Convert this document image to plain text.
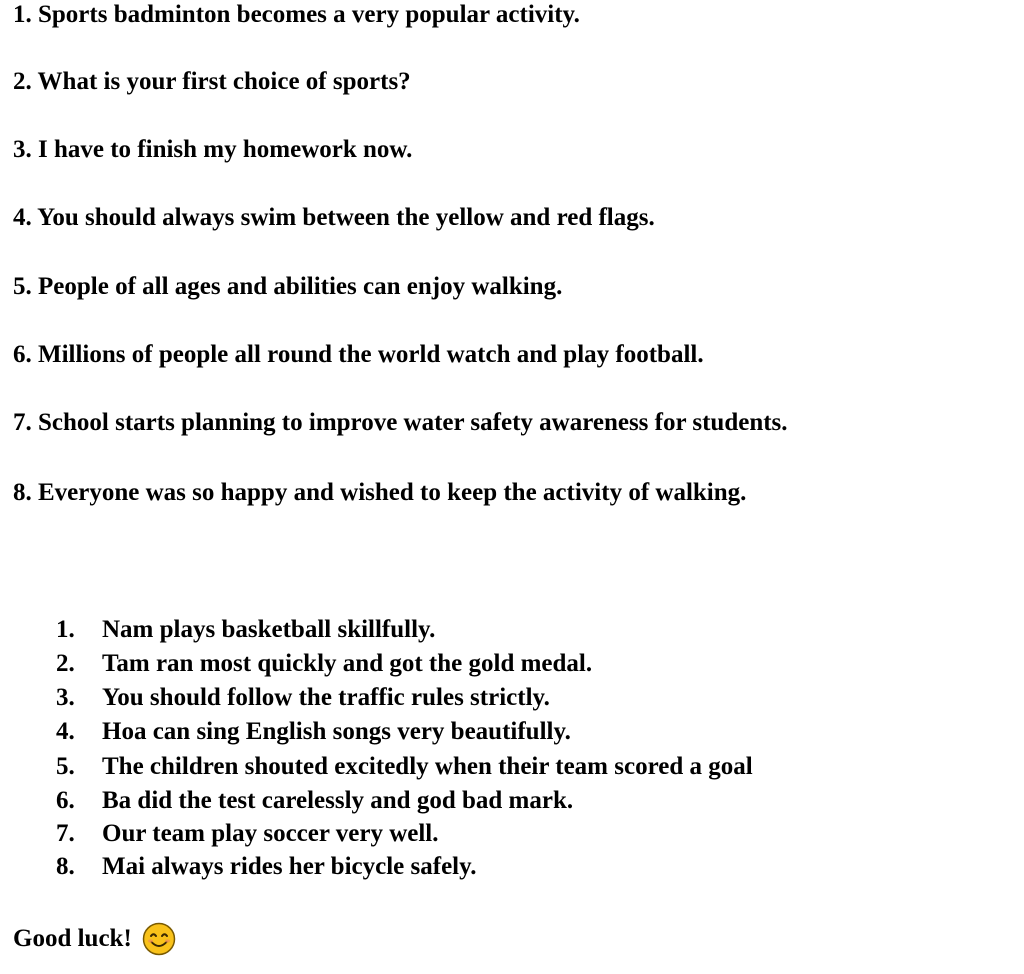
1. Sports badminton becomes a very popular activity.
2. What is your first choice of sports?
3. I have to finish my homework now.
4. You should always swim between the yellow and red flags.
5. People of all ages and abilities can enjoy walking.
6. Millions of people all round the world watch and play football.
7. School starts planning to improve water safety awareness for students.
8. Everyone was so happy and wished to keep the activity of walking.
1.	Nam plays basketball skillfully.
2.	Tam ran most quickly and got the gold medal.
3.	You should follow the traffic rules strictly.
4.	Hoa can sing English songs very beautifully.
5.	The children shouted excitedly when their team scored a goal
6.	Ba did the test carelessly and god bad mark.
7.	Our team play soccer very well.
8.	Mai always rides her bicycle safely.
Good luck!
